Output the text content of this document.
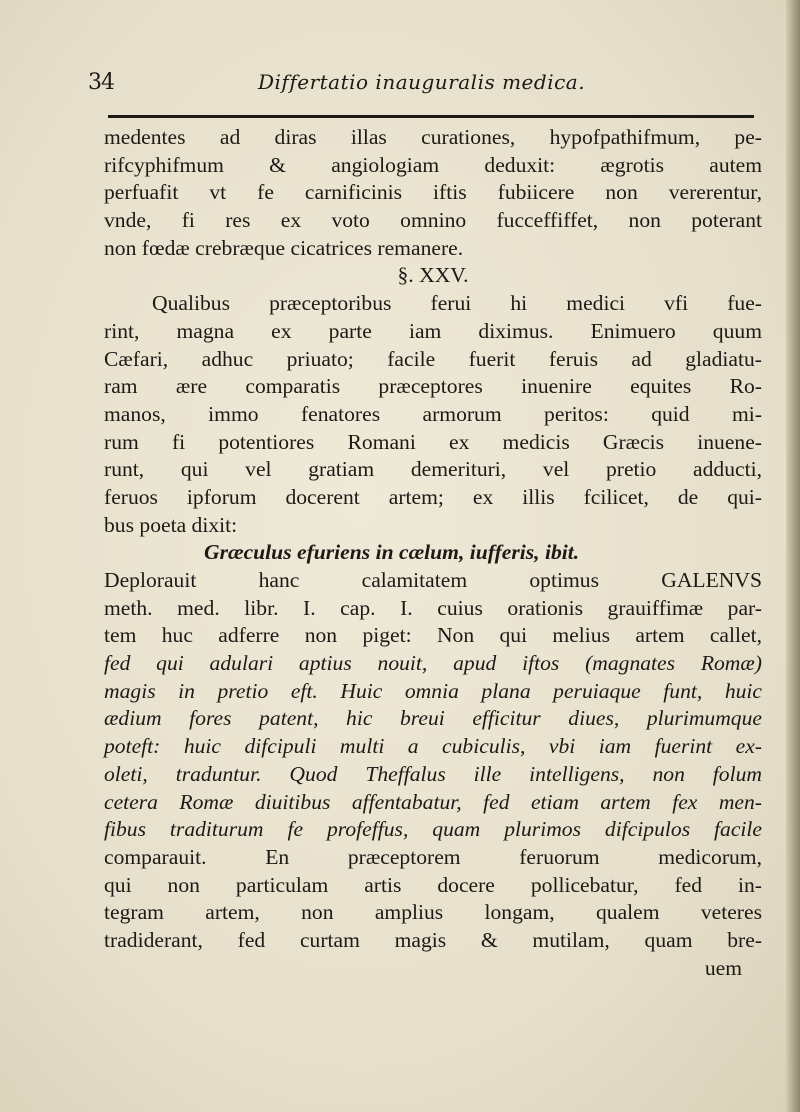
34	Differtatio inauguralis medica.
medentes ad diras illas curationes, hypofpathifmum, pe-
rifcyphifmum & angiologiam deduxit: ægrotis autem
perfuafit vt fe carnificinis iftis fubiicere non vererentur,
vnde, fi res ex voto omnino fucceffiffet, non poterant
non fœdæ crebræque cicatrices remanere.
§. XXV.
Qualibus præceptoribus ferui hi medici vfi fue-
rint, magna ex parte iam diximus. Enimuero quum
Cæfari, adhuc priuato; facile fuerit feruis ad gladiatu-
ram ære comparatis præceptores inuenire equites Ro-
manos, immo fenatores armorum peritos: quid mi-
rum fi potentiores Romani ex medicis Græcis inuene-
runt, qui vel gratiam demerituri, vel pretio adducti,
feruos ipforum docerent artem; ex illis fcilicet, de qui-
bus poeta dixit:
Græculus efuriens in cælum, iufferis, ibit.
Deplorauit hanc calamitatem optimus GALENVS
meth. med. libr. I. cap. I. cuius orationis grauiffimæ par-
tem huc adferre non piget: Non qui melius artem callet,
fed qui adulari aptius nouit, apud iftos (magnates Romæ)
magis in pretio eft. Huic omnia plana peruiaque funt, huic
ædium fores patent, hic breui efficitur diues, plurimumque
poteft: huic difcipuli multi a cubiculis, vbi iam fuerint ex-
oleti, traduntur. Quod Theffalus ille intelligens, non folum
cetera Romæ diuitibus affentabatur, fed etiam artem fex men-
fibus traditurum fe profeffus, quam plurimos difcipulos facile
comparauit. En præceptorem feruorum medicorum,
qui non particulam artis docere pollicebatur, fed in-
tegram artem, non amplius longam, qualem veteres
tradiderant, fed curtam magis & mutilam, quam bre-
uem
